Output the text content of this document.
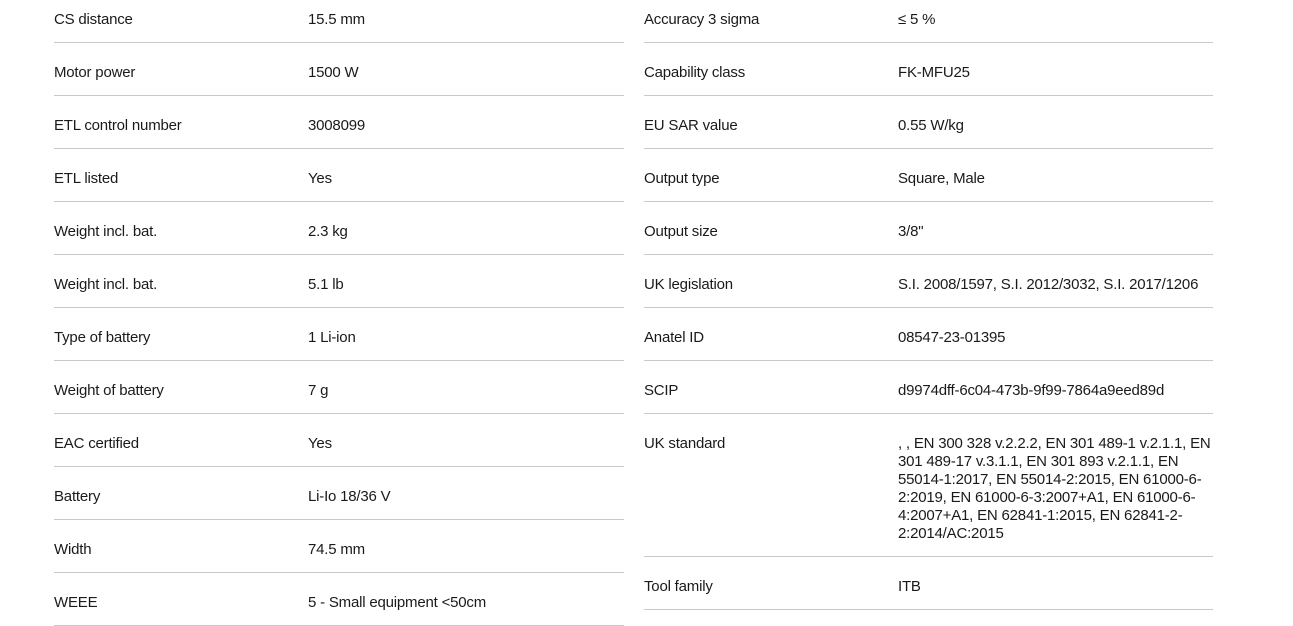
CS distance	15.5 mm
Motor power	1500 W
ETL control number	3008099
ETL listed	Yes
Weight incl. bat.	2.3 kg
Weight incl. bat.	5.1 lb
Type of battery	1 Li-ion
Weight of battery	7 g
EAC certified	Yes
Battery	Li-Io 18/36 V
Width	74.5 mm
WEEE	5 - Small equipment <50cm
Accuracy 3 sigma	≤ 5 %
Capability class	FK-MFU25
EU SAR value	0.55 W/kg
Output type	Square, Male
Output size	3/8"
UK legislation	S.I. 2008/1597, S.I. 2012/3032, S.I. 2017/1206
Anatel ID	08547-23-01395
SCIP	d9974dff-6c04-473b-9f99-7864a9eed89d
UK standard	, , EN 300 328 v.2.2.2, EN 301 489-1 v.2.1.1, EN 301 489-17 v.3.1.1, EN 301 893 v.2.1.1, EN 55014-1:2017, EN 55014-2:2015, EN 61000-6-2:2019, EN 61000-6-3:2007+A1, EN 61000-6-4:2007+A1, EN 62841-1:2015, EN 62841-2-2:2014/AC:2015
Tool family	ITB
